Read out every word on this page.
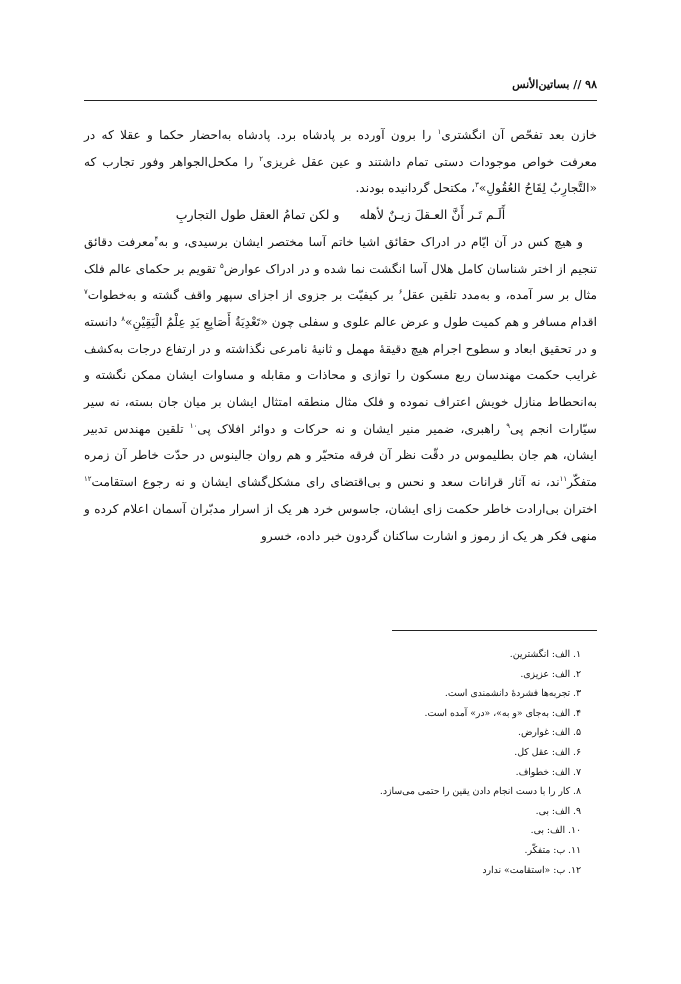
۹۸ // بساتین‌الأنس

خازن بعد تفحّص آن انگشتری$^۱$ را برون آورده بر پادشاه برد. پادشاه به‌احضار حکما و عقلا که در معرفت خواص موجودات دستی تمام داشتند و عین عقل غریزی$^۲$ را مکحل‌الجواهر وفور تجارب که «التَّجارِبُ لِقَاحُ العُقُولِ»$^۳$، مکتحل گردانیده بودند.

أَلَـم تَـر أَنَّ العـقلَ زیـنٌ لأهله
و لکن تمامُ العقل طول التجاربِ

و هیچ کس در آن ایّام در ادراک حقائق اشیا خاتم آسا مختصر ایشان برسیدی، و به$^۴$معرفت دقائق تنجیم از اختر شناسان کامل هلال آسا انگشت نما شده و در ادراک عوارض$^۵$ تقویم بر حکمای عالم فلک مثال بر سر آمده، و به‌مدد تلقین عقل$^۶$ بر کیفیّت بر جزوی از اجزای سپهر واقف گشته و به‌خطوات$^۷$ اقدام مسافر و هم کمیت طول و عرض عالم علوی و سفلی چون «تَعْدِیَةُ أَصَابِعِ یَدِ عِلْمُ الْیَقِیْنِ»$^۸$ دانسته و در تحقیق ابعاد و سطوح اجرام هیچ دقیقهٔ مهمل و ثانیهٔ نامرعی نگذاشته و در ارتفاع درجات به‌کشف غرایب حکمت مهندسان ربع مسکون را توازی و محاذات و مقابله و مساوات ایشان ممکن نگشته و به‌انحطاط منازل خویش اعتراف نموده و فلک مثال منطقه امتثال ایشان بر میان جان بسته، نه سیر سیّارات انجم پی$^۹$ راهبری، ضمیر منیر ایشان و نه حرکات و دوائر افلاک پی$^{۱۰}$ تلقین مهندس تدبیر ایشان، هم جان بطلیموس در دقّت نظر آن فرقه متحیّر و هم روان جالینوس در حدّت خاطر آن زمره متفکّر$^{۱۱}$ند، نه آثار قرانات سعد و نحس و بی‌اقتضای رای مشکل‌گشای ایشان و نه رجوع استقامت$^{۱۲}$ اختران بی‌ارادت خاطر حکمت زای ایشان، جاسوس خرد هر یک از اسرار مدبّران آسمان اعلام کرده و منهی فکر هر یک از رموز و اشارت ساکنان گردون خبر داده، خسرو

۱. الف: انگشترین.
۲. الف: عزیزی.
۳. تجربه‌ها فشردهٔ دانشمندی است.
۴. الف: به‌جای «و به»، «در» آمده است.
۵. الف: غوارض.
۶. الف: عقل کل.
۷. الف: خطواف.
۸. کار را با دست انجام دادن یقین را حتمی می‌سازد.
۹. الف: بی.
۱۰. الف: بی.
۱۱. ب: متفکّر.
۱۲. ب: «استقامت» ندارد
